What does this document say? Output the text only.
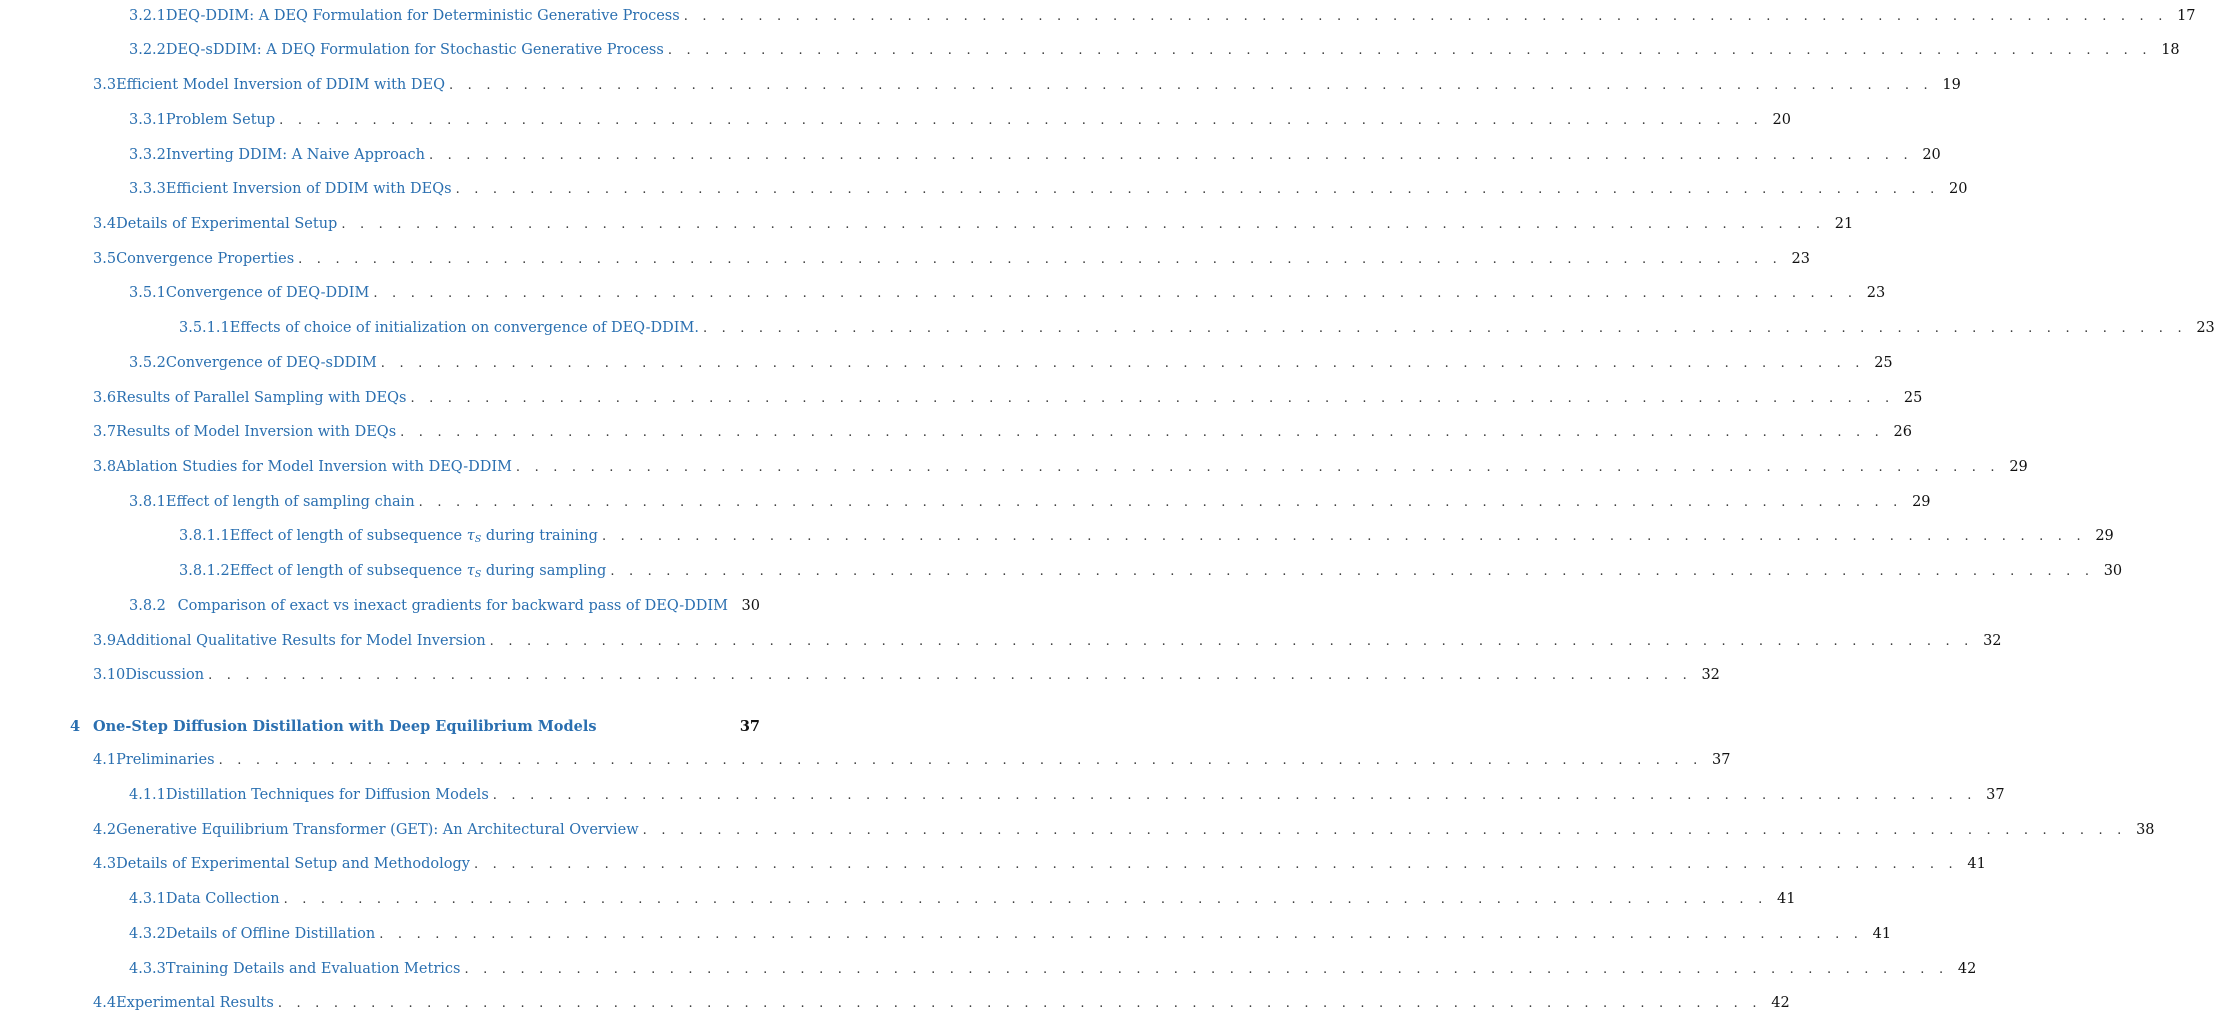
3.2.1 DEQ-DDIM: A DEQ Formulation for Deterministic Generative Process . . . . . . . . . . . . . . . . . . . . . . . . . . . . . . . . . . . . . . . . . . . . . . . . . . . . . . . . . . . . . . . . . . . . . . . . . . . . . . . . 17
3.2.2 DEQ-sDDIM: A DEQ Formulation for Stochastic Generative Process . . . . . . . . . . . . . . . . . . . . . . . . . . . . . . . . . . . . . . . . . . . . . . . . . . . . . . . . . . . . . . . . . . . . . . . . . . . . . . . . 18
3.3 Efficient Model Inversion of DDIM with DEQ . . . . . . . . . . . . . . . . . . . . . . . . . . . . . . . . . . . . . . . . . . . . . . . . . . . . . . . . . . . . . . . . . . . . . . . . . . . . . . . . 19
3.3.1 Problem Setup . . . . . . . . . . . . . . . . . . . . . . . . . . . . . . . . . . . . . . . . . . . . . . . . . . . . . . . . . . . . . . . . . . . . . . . . . . . . . . . . 20
3.3.2 Inverting DDIM: A Naive Approach . . . . . . . . . . . . . . . . . . . . . . . . . . . . . . . . . . . . . . . . . . . . . . . . . . . . . . . . . . . . . . . . . . . . . . . . . . . . . . . . 20
3.3.3 Efficient Inversion of DDIM with DEQs . . . . . . . . . . . . . . . . . . . . . . . . . . . . . . . . . . . . . . . . . . . . . . . . . . . . . . . . . . . . . . . . . . . . . . . . . . . . . . . . 20
3.4 Details of Experimental Setup . . . . . . . . . . . . . . . . . . . . . . . . . . . . . . . . . . . . . . . . . . . . . . . . . . . . . . . . . . . . . . . . . . . . . . . . . . . . . . . . 21
3.5 Convergence Properties . . . . . . . . . . . . . . . . . . . . . . . . . . . . . . . . . . . . . . . . . . . . . . . . . . . . . . . . . . . . . . . . . . . . . . . . . . . . . . . . 23
3.5.1 Convergence of DEQ-DDIM . . . . . . . . . . . . . . . . . . . . . . . . . . . . . . . . . . . . . . . . . . . . . . . . . . . . . . . . . . . . . . . . . . . . . . . . . . . . . . . . 23
3.5.1.1 Effects of choice of initialization on convergence of DEQ-DDIM. . . . . . . . . . . . . . . . . . . . . . . . . . . . . . . . . . . . . . . . . . . . . . . . . . . . . . . . . . . . . . . . . . . . . . . . . . . . . . . . . 23
3.5.2 Convergence of DEQ-sDDIM . . . . . . . . . . . . . . . . . . . . . . . . . . . . . . . . . . . . . . . . . . . . . . . . . . . . . . . . . . . . . . . . . . . . . . . . . . . . . . . . 25
3.6 Results of Parallel Sampling with DEQs . . . . . . . . . . . . . . . . . . . . . . . . . . . . . . . . . . . . . . . . . . . . . . . . . . . . . . . . . . . . . . . . . . . . . . . . . . . . . . . . 25
3.7 Results of Model Inversion with DEQs . . . . . . . . . . . . . . . . . . . . . . . . . . . . . . . . . . . . . . . . . . . . . . . . . . . . . . . . . . . . . . . . . . . . . . . . . . . . . . . . 26
3.8 Ablation Studies for Model Inversion with DEQ-DDIM . . . . . . . . . . . . . . . . . . . . . . . . . . . . . . . . . . . . . . . . . . . . . . . . . . . . . . . . . . . . . . . . . . . . . . . . . . . . . . . . 29
3.8.1 Effect of length of sampling chain . . . . . . . . . . . . . . . . . . . . . . . . . . . . . . . . . . . . . . . . . . . . . . . . . . . . . . . . . . . . . . . . . . . . . . . . . . . . . . . . 29
3.8.1.1 Effect of length of subsequence $\tau_S$ during training . . . . . . . . . . . . . . . . . . . . . . . . . . . . . . . . . . . . . . . . . . . . . . . . . . . . . . . . . . . . . . . . . . . . . . . . . . . . . . . . 29
3.8.1.2 Effect of length of subsequence $\tau_S$ during sampling . . . . . . . . . . . . . . . . . . . . . . . . . . . . . . . . . . . . . . . . . . . . . . . . . . . . . . . . . . . . . . . . . . . . . . . . . . . . . . . . 30
3.8.2 Comparison of exact vs inexact gradients for backward pass of DEQ-DDIM 30
3.9 Additional Qualitative Results for Model Inversion . . . . . . . . . . . . . . . . . . . . . . . . . . . . . . . . . . . . . . . . . . . . . . . . . . . . . . . . . . . . . . . . . . . . . . . . . . . . . . . . 32
3.10 Discussion . . . . . . . . . . . . . . . . . . . . . . . . . . . . . . . . . . . . . . . . . . . . . . . . . . . . . . . . . . . . . . . . . . . . . . . . . . . . . . . . 32
4 One-Step Diffusion Distillation with Deep Equilibrium Models	37
4.1 Preliminaries . . . . . . . . . . . . . . . . . . . . . . . . . . . . . . . . . . . . . . . . . . . . . . . . . . . . . . . . . . . . . . . . . . . . . . . . . . . . . . . . 37
4.1.1 Distillation Techniques for Diffusion Models . . . . . . . . . . . . . . . . . . . . . . . . . . . . . . . . . . . . . . . . . . . . . . . . . . . . . . . . . . . . . . . . . . . . . . . . . . . . . . . . 37
4.2 Generative Equilibrium Transformer (GET): An Architectural Overview . . . . . . . . . . . . . . . . . . . . . . . . . . . . . . . . . . . . . . . . . . . . . . . . . . . . . . . . . . . . . . . . . . . . . . . . . . . . . . . . 38
4.3 Details of Experimental Setup and Methodology . . . . . . . . . . . . . . . . . . . . . . . . . . . . . . . . . . . . . . . . . . . . . . . . . . . . . . . . . . . . . . . . . . . . . . . . . . . . . . . . 41
4.3.1 Data Collection . . . . . . . . . . . . . . . . . . . . . . . . . . . . . . . . . . . . . . . . . . . . . . . . . . . . . . . . . . . . . . . . . . . . . . . . . . . . . . . . 41
4.3.2 Details of Offline Distillation . . . . . . . . . . . . . . . . . . . . . . . . . . . . . . . . . . . . . . . . . . . . . . . . . . . . . . . . . . . . . . . . . . . . . . . . . . . . . . . . 41
4.3.3 Training Details and Evaluation Metrics . . . . . . . . . . . . . . . . . . . . . . . . . . . . . . . . . . . . . . . . . . . . . . . . . . . . . . . . . . . . . . . . . . . . . . . . . . . . . . . . 42
4.4 Experimental Results . . . . . . . . . . . . . . . . . . . . . . . . . . . . . . . . . . . . . . . . . . . . . . . . . . . . . . . . . . . . . . . . . . . . . . . . . . . . . . . . 42
